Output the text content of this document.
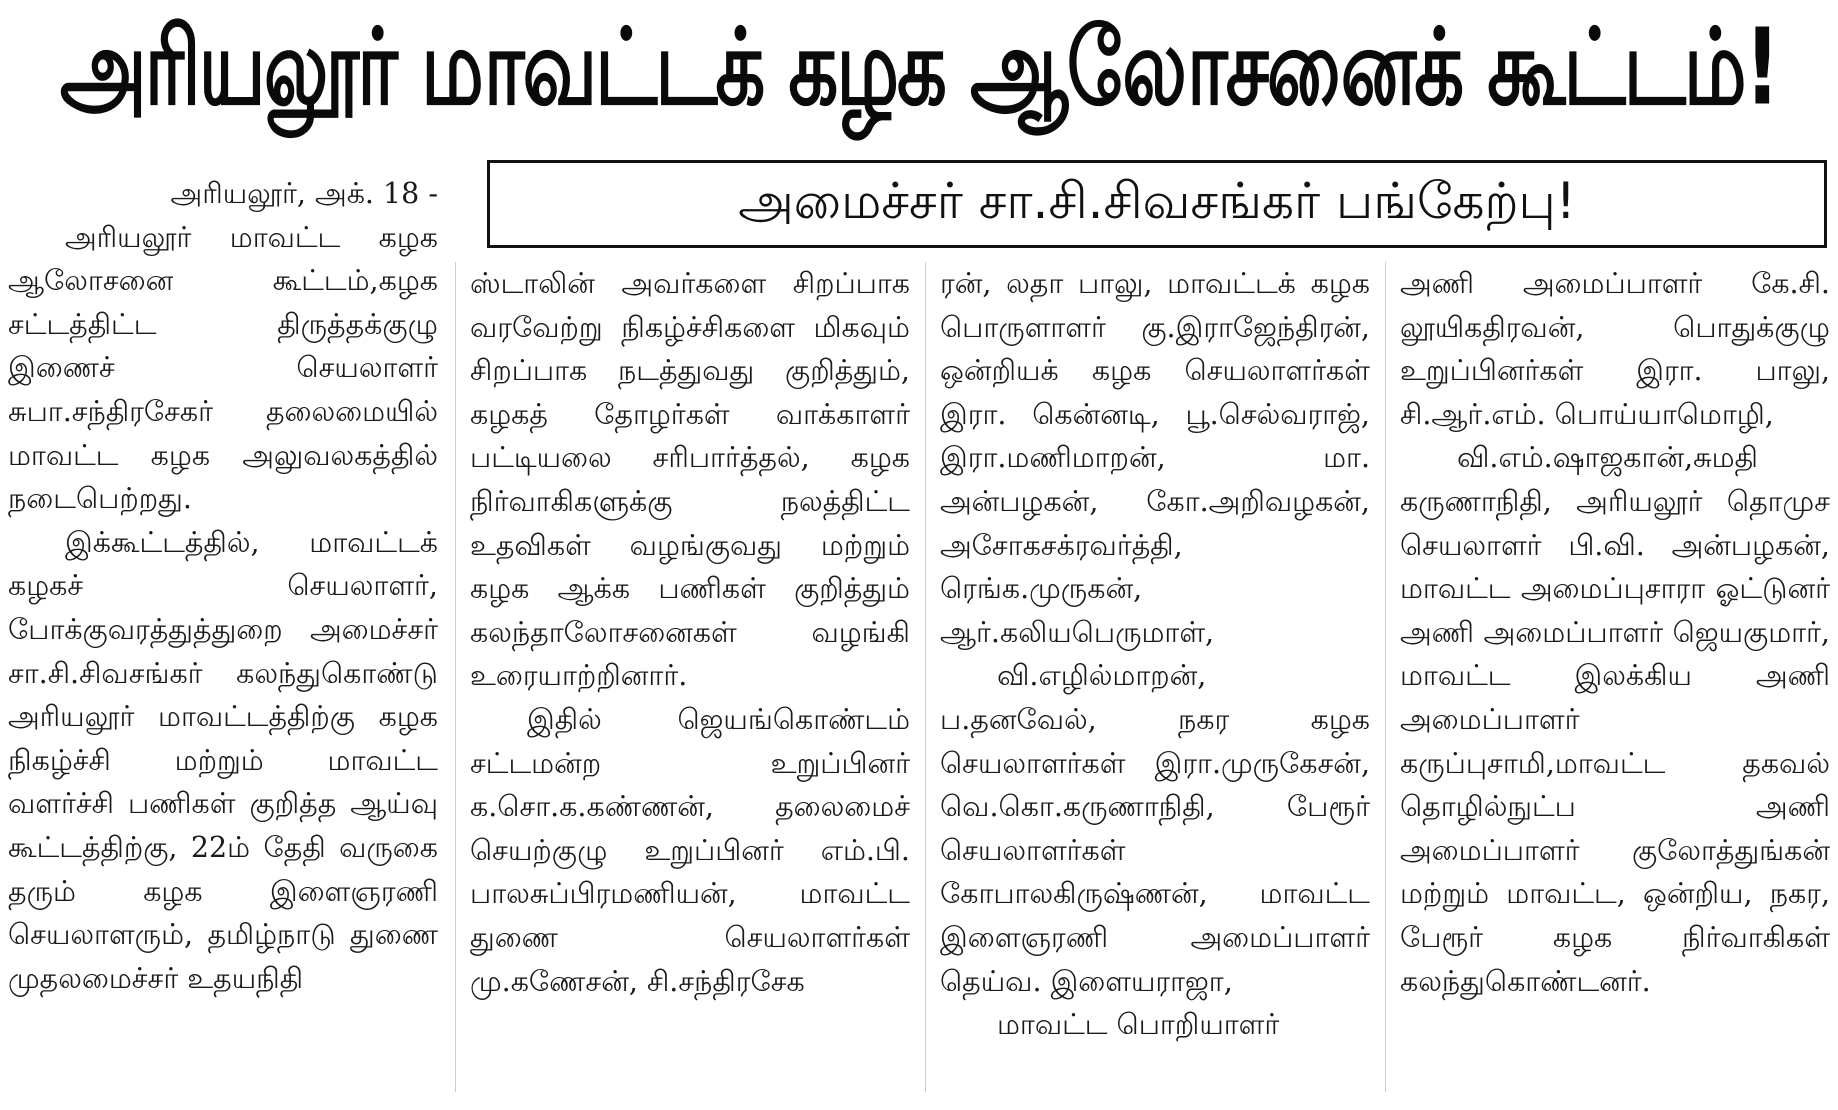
அரியலூர் மாவட்டக் கழக ஆலோசனைக் கூட்டம்!
அமைச்சர் சா.சி.சிவசங்கர் பங்கேற்பு!
அரியலூர், அக். 18 -

அரியலூர் மாவட்ட கழக ஆலோசனை கூட்டம்,கழக சட்டத்திட்ட திருத்தக்குழு இணைச் செயலாளர் சுபா.சந்திரசேகர் தலைமையில் மாவட்ட கழக அலுவலகத்தில் நடைபெற்றது.

இக்கூட்டத்தில், மாவட்டக் கழகச் செயலாளர், போக்குவரத்துத்துறை அமைச்சர் சா.சி.சிவசங்கர் கலந்துகொண்டு அரியலூர் மாவட்டத்திற்கு கழக நிகழ்ச்சி மற்றும் மாவட்ட வளர்ச்சி பணிகள் குறித்த ஆய்வு கூட்டத்திற்கு, 22ம் தேதி வருகை தரும் கழக இளைஞரணி செயலாளரும், தமிழ்நாடு துணை முதலமைச்சர் உதயநிதி

ஸ்டாலின் அவர்களை சிறப்பாக வரவேற்று நிகழ்ச்சிகளை மிகவும் சிறப்பாக நடத்துவது குறித்தும், கழகத் தோழர்கள் வாக்காளர் பட்டியலை சரிபார்த்தல், கழக நிர்வாகிகளுக்கு நலத்திட்ட உதவிகள் வழங்குவது மற்றும் கழக ஆக்க பணிகள் குறித்தும் கலந்தாலோசனைகள் வழங்கி உரையாற்றினார்.

இதில் ஜெயங்கொண்டம் சட்டமன்ற உறுப்பினர் க.சொ.க.கண்ணன், தலைமைச் செயற்குழு உறுப்பினர் எம்.பி. பாலசுப்பிரமணியன், மாவட்ட துணை செயலாளர்கள் மு.கணேசன், சி.சந்திரசேக

ரன், லதா பாலு, மாவட்டக் கழக பொருளாளர் கு.இராஜேந்திரன், ஒன்றியக் கழக செயலாளர்கள் இரா. கென்னடி, பூ.செல்வராஜ், இரா.மணிமாறன், மா. அன்பழகன், கோ.அறிவழகன், அசோகசக்ரவர்த்தி, ரெங்க.முருகன், ஆர்.கலியபெருமாள்,

வி.எழில்மாறன், ப.தனவேல், நகர கழக செயலாளர்கள் இரா.முருகேசன், வெ.கொ.கருணாநிதி, பேரூர் செயலாளர்கள் கோபாலகிருஷ்ணன், மாவட்ட இளைஞரணி அமைப்பாளர் தெய்வ. இளையராஜா,

மாவட்ட பொறியாளர்

அணி அமைப்பாளர் கே.சி. லூயிகதிரவன், பொதுக்குழு உறுப்பினர்கள் இரா. பாலு, சி.ஆர்.எம். பொய்யாமொழி,

வி.எம்.ஷாஜகான்,சுமதி கருணாநிதி, அரியலூர் தொமுச செயலாளர் பி.வி. அன்பழகன், மாவட்ட அமைப்புசாரா ஓட்டுனர் அணி அமைப்பாளர் ஜெயகுமார், மாவட்ட இலக்கிய அணி அமைப்பாளர் கருப்புசாமி,மாவட்ட தகவல் தொழில்நுட்ப அணி அமைப்பாளர் குலோத்துங்கன் மற்றும் மாவட்ட, ஒன்றிய, நகர, பேரூர் கழக நிர்வாகிகள் கலந்துகொண்டனர்.
